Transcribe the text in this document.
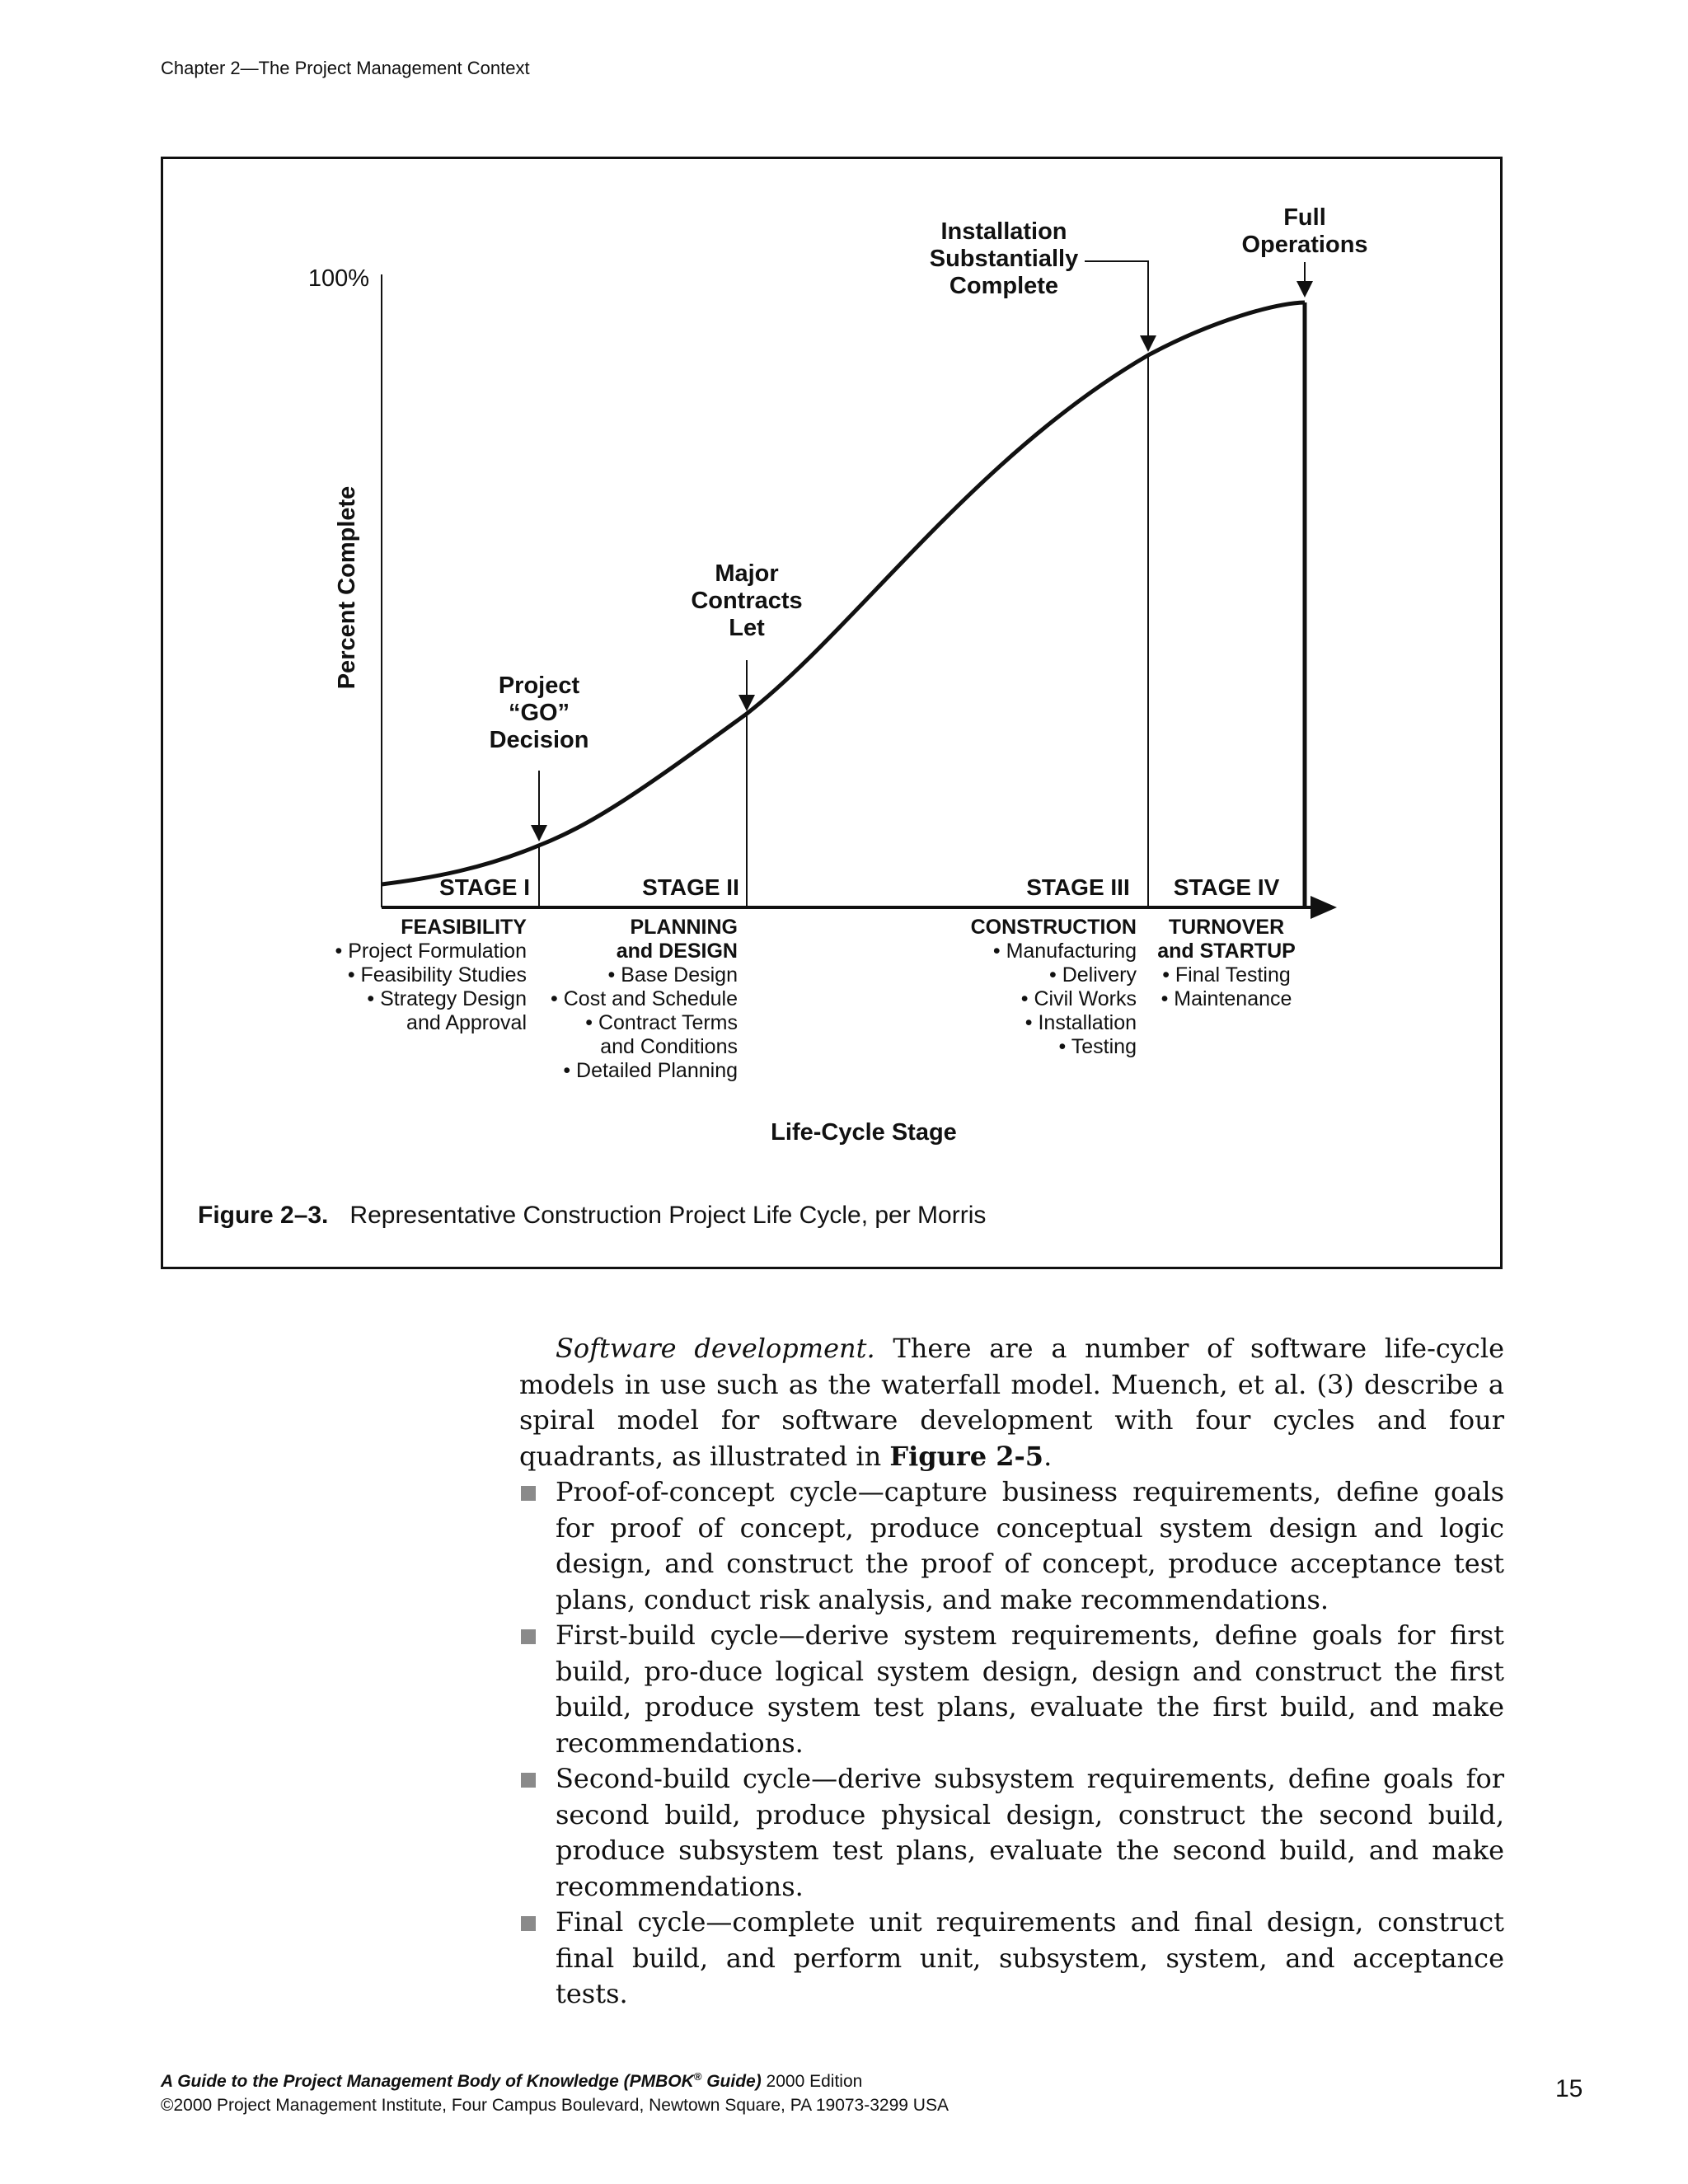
Chapter 2—The Project Management Context
100%
Percent Complete	Project
“GO”
Decision
Major
Contracts
Let
Installation
Substantially
Complete
Full
Operations
STAGE I	STAGE II	STAGE III STAGE IV
FEASIBILITY
• Project Formulation
• Feasibility Studies
• Strategy Design
and Approval
PLANNING
and DESIGN
• Base Design
• Cost and Schedule
• Contract Terms
and Conditions
• Detailed Planning
CONSTRUCTION
• Manufacturing
• Delivery
• Civil Works
• Installation
• Testing
TURNOVER
and STARTUP
• Final Testing
• Maintenance
Life-Cycle Stage
Figure 2–3. Representative Construction Project Life Cycle, per Morris

Software development. There are a number of software life-cycle models in use such as the waterfall model. Muench, et al. (3) describe a spiral model for software development with four cycles and four quadrants, as illustrated in Figure 2-5.

Proof-of-concept cycle—capture business requirements, define goals for proof of concept, produce conceptual system design and logic design, and construct the proof of concept, produce acceptance test plans, conduct risk analysis, and make recommendations.
First-build cycle—derive system requirements, define goals for first build, pro-duce logical system design, design and construct the first build, produce system test plans, evaluate the first build, and make recommendations.
Second-build cycle—derive subsystem requirements, define goals for second build, produce physical design, construct the second build, produce subsystem test plans, evaluate the second build, and make recommendations.
Final cycle—complete unit requirements and final design, construct final build, and perform unit, subsystem, system, and acceptance tests.
A Guide to the Project Management Body of Knowledge (PMBOK® Guide) 2000 Edition
©2000 Project Management Institute, Four Campus Boulevard, Newtown Square, PA 19073-3299 USA
15
